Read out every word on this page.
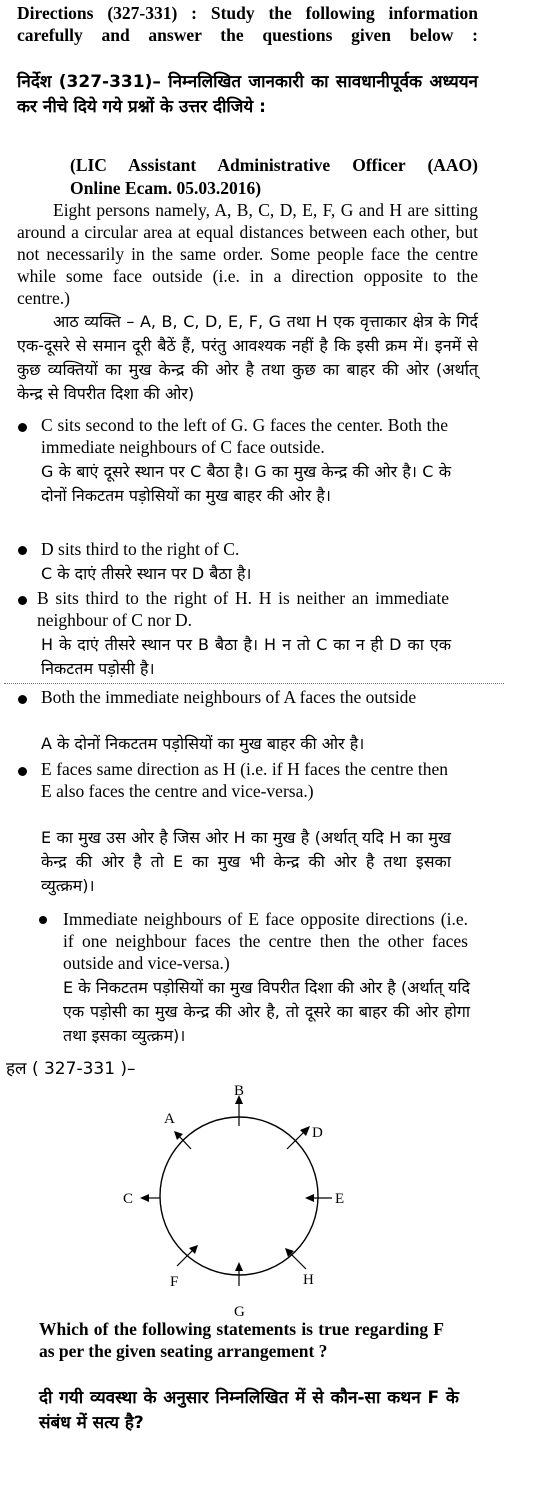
Directions (327-331) : Study the following information carefully and answer the questions given below :

निर्देश (327-331)– निम्नलिखित जानकारी का सावधानीपूर्वक अध्ययन कर नीचे दिये गये प्रश्नों के उत्तर दीजिये :

(LIC Assistant Administrative Officer (AAO)

Online Ecam. 05.03.2016)

Eight persons namely, A, B, C, D, E, F, G and H are sitting around a circular area at equal distances between each other, but not necessarily in the same order. Some people face the centre while some face outside (i.e. in a direction opposite to the centre.)

आठ व्यक्ति – A, B, C, D, E, F, G तथा H एक वृत्ताकार क्षेत्र के गिर्द एक-दूसरे से समान दूरी बैठें हैं, परंतु आवश्यक नहीं है कि इसी क्रम में। इनमें से कुछ व्यक्तियों का मुख केन्द्र की ओर है तथा कुछ का बाहर की ओर (अर्थात् केन्द्र से विपरीत दिशा की ओर)

C sits second to the left of G. G faces the center. Both the immediate neighbours of C face outside.

G के बाएं दूसरे स्थान पर C बैठा है। G का मुख केन्द्र की ओर है। C के दोनों निकटतम पड़ोसियों का मुख बाहर की ओर है।

D sits third to the right of C.

C के दाएं तीसरे स्थान पर D बैठा है।

B sits third to the right of H. H is neither an immediate neighbour of C nor D.

H के दाएं तीसरे स्थान पर B बैठा है। H न तो C का न ही D का एक निकटतम पड़ोसी है।

Both the immediate neighbours of A faces the outside

A के दोनों निकटतम पड़ोसियों का मुख बाहर की ओर है।

E faces same direction as H (i.e. if H faces the centre then E also faces the centre and vice-versa.)

E का मुख उस ओर है जिस ओर H का मुख है (अर्थात् यदि H का मुख केन्द्र की ओर है तो E का मुख भी केन्द्र की ओर है तथा इसका व्युत्क्रम)।

Immediate neighbours of E face opposite directions (i.e. if one neighbour faces the centre then the other faces outside and vice-versa.)

E के निकटतम पड़ोसियों का मुख विपरीत दिशा की ओर है (अर्थात् यदि एक पड़ोसी का मुख केन्द्र की ओर है, तो दूसरे का बाहर की ओर होगा तथा इसका व्युत्क्रम)।

हल ( 327-331 )–
B
D
E
H
G
F
C
A

Which of the following statements is true regarding F as per the given seating arrangement ?

दी गयी व्यवस्था के अनुसार निम्नलिखित में से कौन-सा कथन F के संबंध में सत्य है?
